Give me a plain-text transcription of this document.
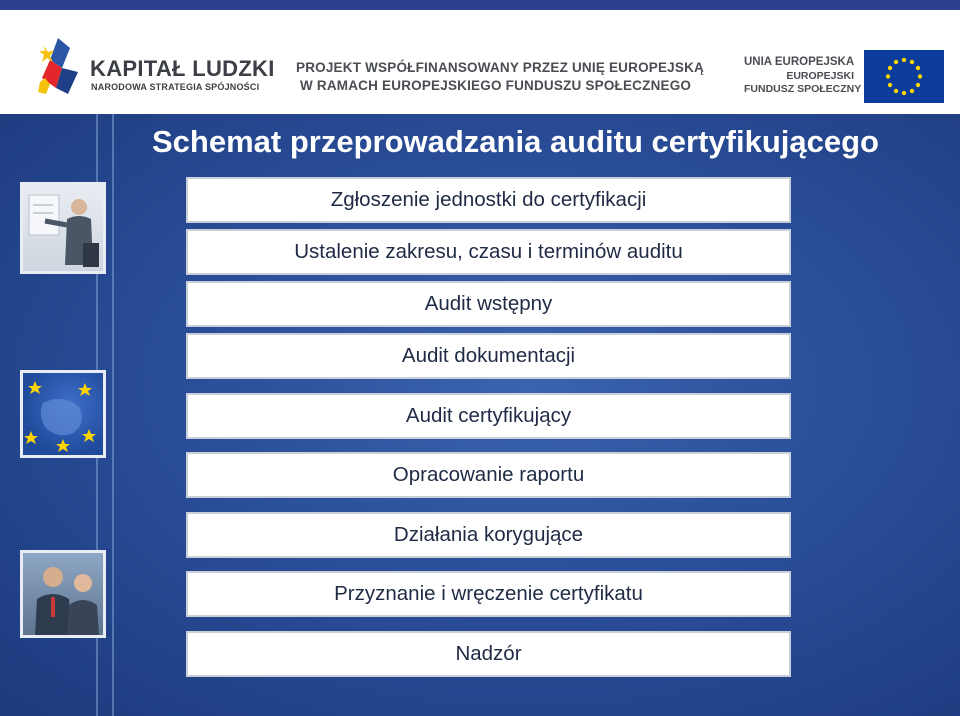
KAPITAŁ LUDZKI
NARODOWA STRATEGIA SPÓJNOŚCI
PROJEKT WSPÓŁFINANSOWANY PRZEZ UNIĘ EUROPEJSKĄ
W RAMACH EUROPEJSKIEGO FUNDUSZU SPOŁECZNEGO
UNIA EUROPEJSKA
EUROPEJSKI
FUNDUSZ SPOŁECZNY
Schemat przeprowadzania auditu certyfikującego
Zgłoszenie jednostki do certyfikacji
Ustalenie zakresu, czasu i terminów auditu
Audit wstępny
Audit dokumentacji
Audit certyfikujący
Opracowanie raportu
Działania korygujące
Przyznanie i wręczenie certyfikatu
Nadzór
